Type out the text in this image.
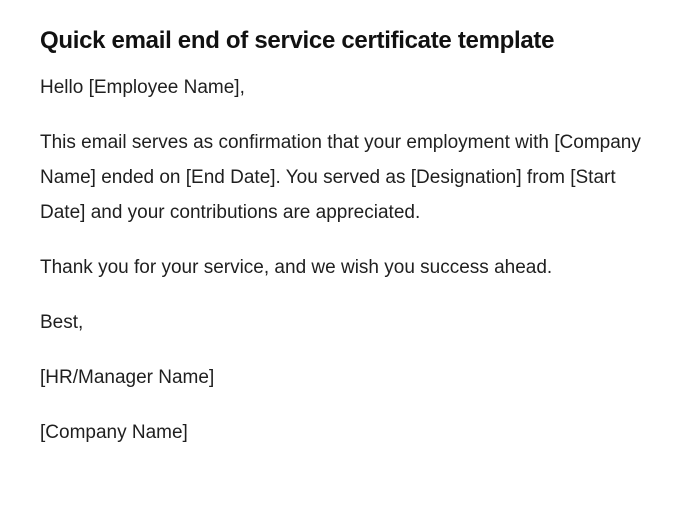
Quick email end of service certificate template

Hello [Employee Name],

This email serves as confirmation that your employment with [Company Name] ended on [End Date]. You served as [Designation] from [Start Date] and your contributions are appreciated.

Thank you for your service, and we wish you success ahead.

Best,

[HR/Manager Name]

[Company Name]
